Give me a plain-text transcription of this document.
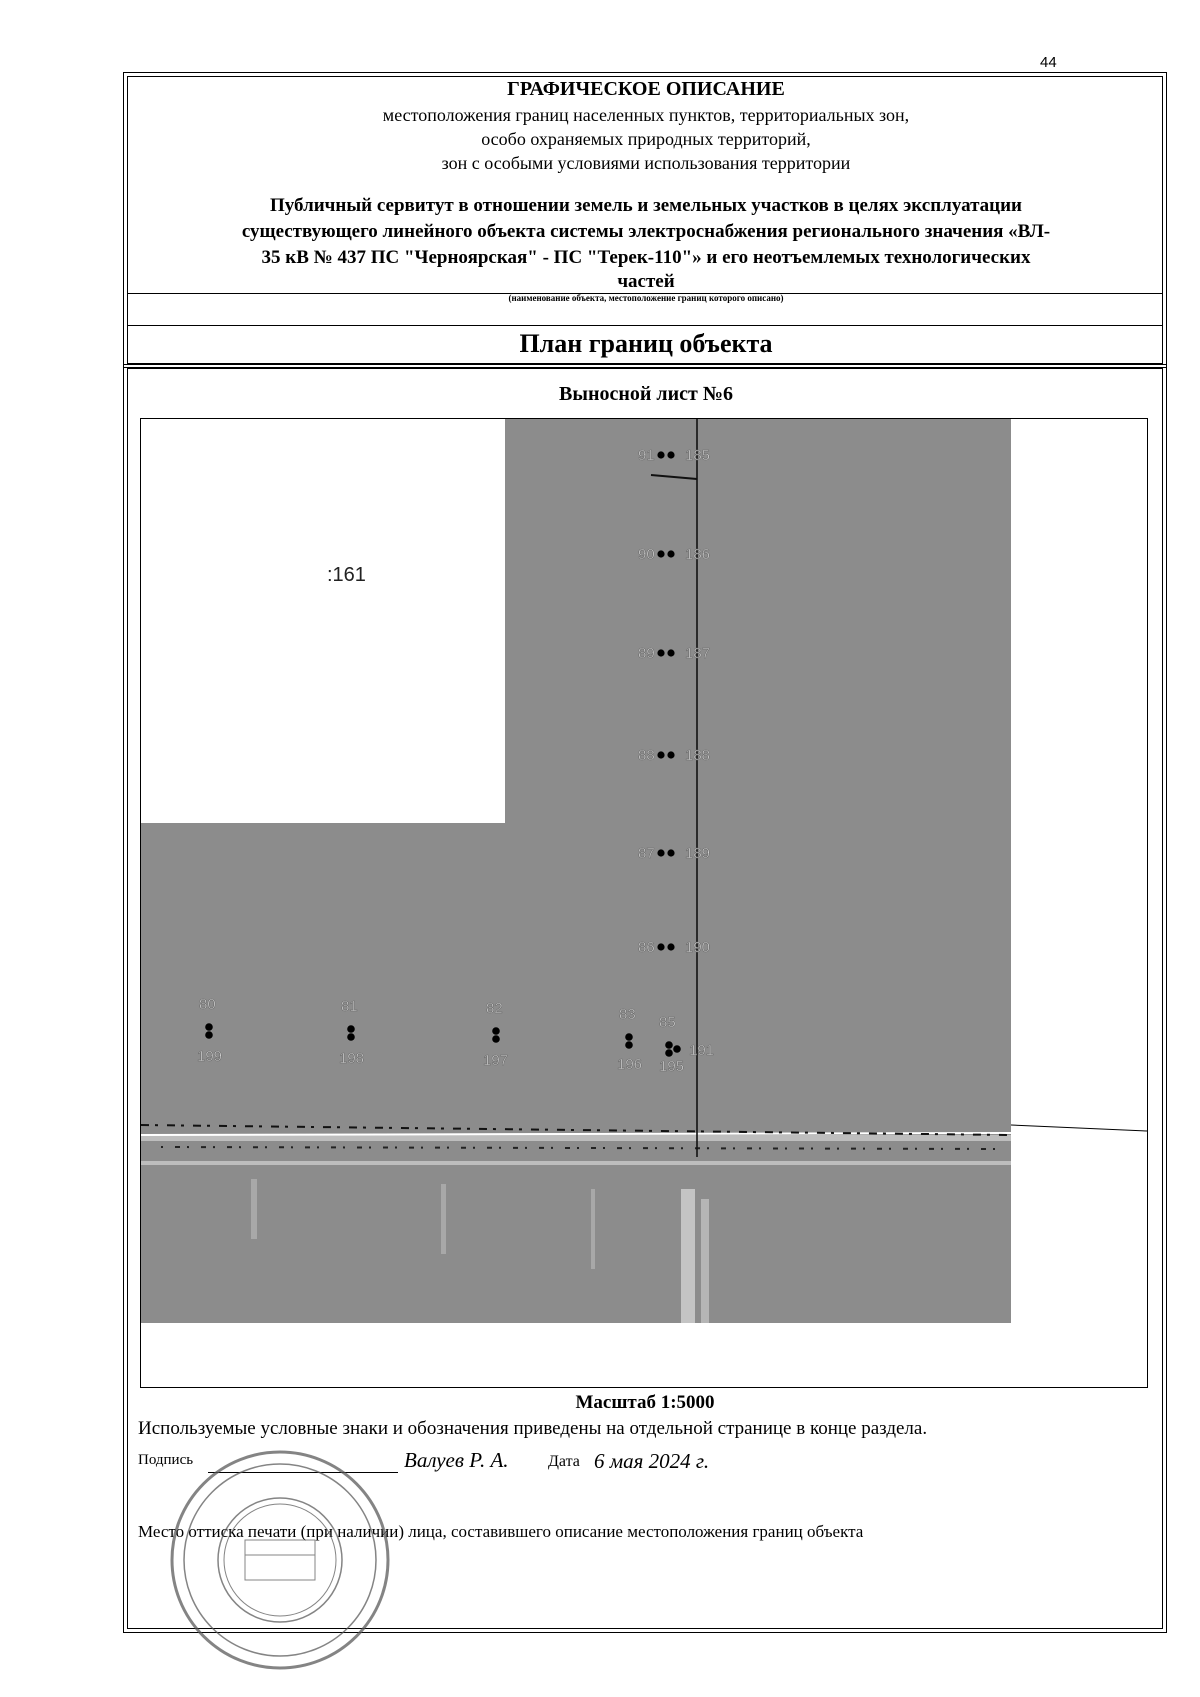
44
ГРАФИЧЕСКОЕ ОПИСАНИЕ
местоположения границ населенных пунктов, территориальных зон,
особо охраняемых природных территорий,
зон с особыми условиями использования территории
Публичный сервитут в отношении земель и земельных участков в целях эксплуатации
существующего линейного объекта системы электроснабжения регионального значения «ВЛ-
35 кВ № 437 ПС "Черноярская" - ПС "Терек-110"» и его неотъемлемых технологических
частей
(наименование объекта, местоположение границ которого описано)
План границ объекта
Выносной лист №6
:161
91 185
90 186
89 187
88 188
87 189
86 190
80	81	82	83 85
199	198	197	196 195
191
Масштаб 1:5000
Используемые условные знаки и обозначения приведены на отдельной странице в конце раздела.
Подпись	Валуев Р. А. Дата 6 мая 2024 г.
Место оттиска печати (при наличии) лица, составившего описание местоположения границ объекта
